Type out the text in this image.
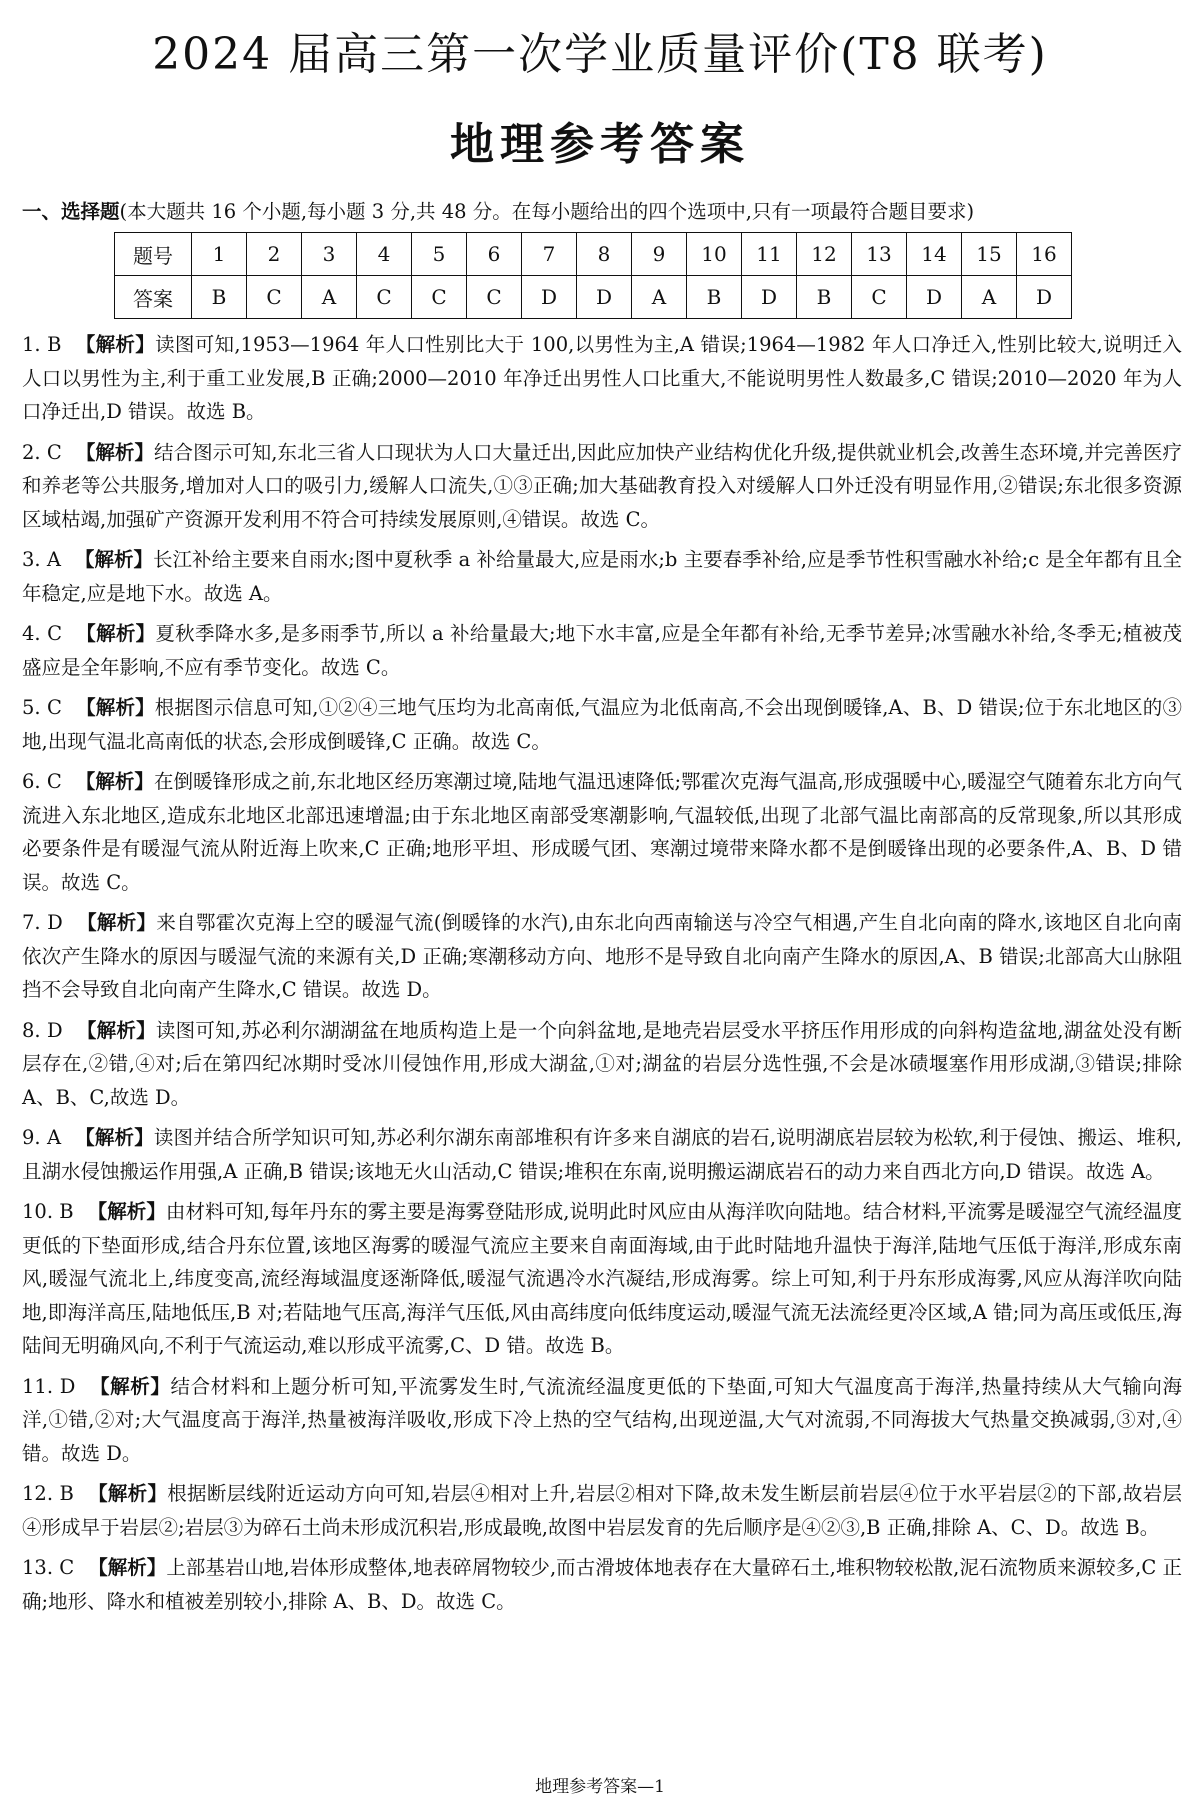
2024 届高三第一次学业质量评价(T8 联考)
地理参考答案
一、选择题(本大题共 16 个小题,每小题 3 分,共 48 分。在每小题给出的四个选项中,只有一项最符合题目要求)
题号	1	2	3	4	5	6	7	8	9	10	11	12	13	14	15	16
答案	B	C	A	C	C	C	D	D	A	B	D	B	C	D	A	D

1. B 【解析】读图可知,1953—1964 年人口性别比大于 100,以男性为主,A 错误;1964—1982 年人口净迁入,性别比较大,说明迁入人口以男性为主,利于重工业发展,B 正确;2000—2010 年净迁出男性人口比重大,不能说明男性人数最多,C 错误;2010—2020 年为人口净迁出,D 错误。故选 B。

2. C 【解析】结合图示可知,东北三省人口现状为人口大量迁出,因此应加快产业结构优化升级,提供就业机会,改善生态环境,并完善医疗和养老等公共服务,增加对人口的吸引力,缓解人口流失,①③正确;加大基础教育投入对缓解人口外迁没有明显作用,②错误;东北很多资源区域枯竭,加强矿产资源开发利用不符合可持续发展原则,④错误。故选 C。

3. A 【解析】长江补给主要来自雨水;图中夏秋季 a 补给量最大,应是雨水;b 主要春季补给,应是季节性积雪融水补给;c 是全年都有且全年稳定,应是地下水。故选 A。

4. C 【解析】夏秋季降水多,是多雨季节,所以 a 补给量最大;地下水丰富,应是全年都有补给,无季节差异;冰雪融水补给,冬季无;植被茂盛应是全年影响,不应有季节变化。故选 C。

5. C 【解析】根据图示信息可知,①②④三地气压均为北高南低,气温应为北低南高,不会出现倒暖锋,A、B、D 错误;位于东北地区的③地,出现气温北高南低的状态,会形成倒暖锋,C 正确。故选 C。

6. C 【解析】在倒暖锋形成之前,东北地区经历寒潮过境,陆地气温迅速降低;鄂霍次克海气温高,形成强暖中心,暖湿空气随着东北方向气流进入东北地区,造成东北地区北部迅速增温;由于东北地区南部受寒潮影响,气温较低,出现了北部气温比南部高的反常现象,所以其形成必要条件是有暖湿气流从附近海上吹来,C 正确;地形平坦、形成暖气团、寒潮过境带来降水都不是倒暖锋出现的必要条件,A、B、D 错误。故选 C。

7. D 【解析】来自鄂霍次克海上空的暖湿气流(倒暖锋的水汽),由东北向西南输送与冷空气相遇,产生自北向南的降水,该地区自北向南依次产生降水的原因与暖湿气流的来源有关,D 正确;寒潮移动方向、地形不是导致自北向南产生降水的原因,A、B 错误;北部高大山脉阻挡不会导致自北向南产生降水,C 错误。故选 D。

8. D 【解析】读图可知,苏必利尔湖湖盆在地质构造上是一个向斜盆地,是地壳岩层受水平挤压作用形成的向斜构造盆地,湖盆处没有断层存在,②错,④对;后在第四纪冰期时受冰川侵蚀作用,形成大湖盆,①对;湖盆的岩层分选性强,不会是冰碛堰塞作用形成湖,③错误;排除 A、B、C,故选 D。

9. A 【解析】读图并结合所学知识可知,苏必利尔湖东南部堆积有许多来自湖底的岩石,说明湖底岩层较为松软,利于侵蚀、搬运、堆积,且湖水侵蚀搬运作用强,A 正确,B 错误;该地无火山活动,C 错误;堆积在东南,说明搬运湖底岩石的动力来自西北方向,D 错误。故选 A。

10. B 【解析】由材料可知,每年丹东的雾主要是海雾登陆形成,说明此时风应由从海洋吹向陆地。结合材料,平流雾是暖湿空气流经温度更低的下垫面形成,结合丹东位置,该地区海雾的暖湿气流应主要来自南面海域,由于此时陆地升温快于海洋,陆地气压低于海洋,形成东南风,暖湿气流北上,纬度变高,流经海域温度逐渐降低,暖湿气流遇冷水汽凝结,形成海雾。综上可知,利于丹东形成海雾,风应从海洋吹向陆地,即海洋高压,陆地低压,B 对;若陆地气压高,海洋气压低,风由高纬度向低纬度运动,暖湿气流无法流经更冷区域,A 错;同为高压或低压,海陆间无明确风向,不利于气流运动,难以形成平流雾,C、D 错。故选 B。

11. D 【解析】结合材料和上题分析可知,平流雾发生时,气流流经温度更低的下垫面,可知大气温度高于海洋,热量持续从大气输向海洋,①错,②对;大气温度高于海洋,热量被海洋吸收,形成下冷上热的空气结构,出现逆温,大气对流弱,不同海拔大气热量交换减弱,③对,④错。故选 D。

12. B 【解析】根据断层线附近运动方向可知,岩层④相对上升,岩层②相对下降,故未发生断层前岩层④位于水平岩层②的下部,故岩层④形成早于岩层②;岩层③为碎石土尚未形成沉积岩,形成最晚,故图中岩层发育的先后顺序是④②③,B 正确,排除 A、C、D。故选 B。

13. C 【解析】上部基岩山地,岩体形成整体,地表碎屑物较少,而古滑坡体地表存在大量碎石土,堆积物较松散,泥石流物质来源较多,C 正确;地形、降水和植被差别较小,排除 A、B、D。故选 C。

地理参考答案—1
